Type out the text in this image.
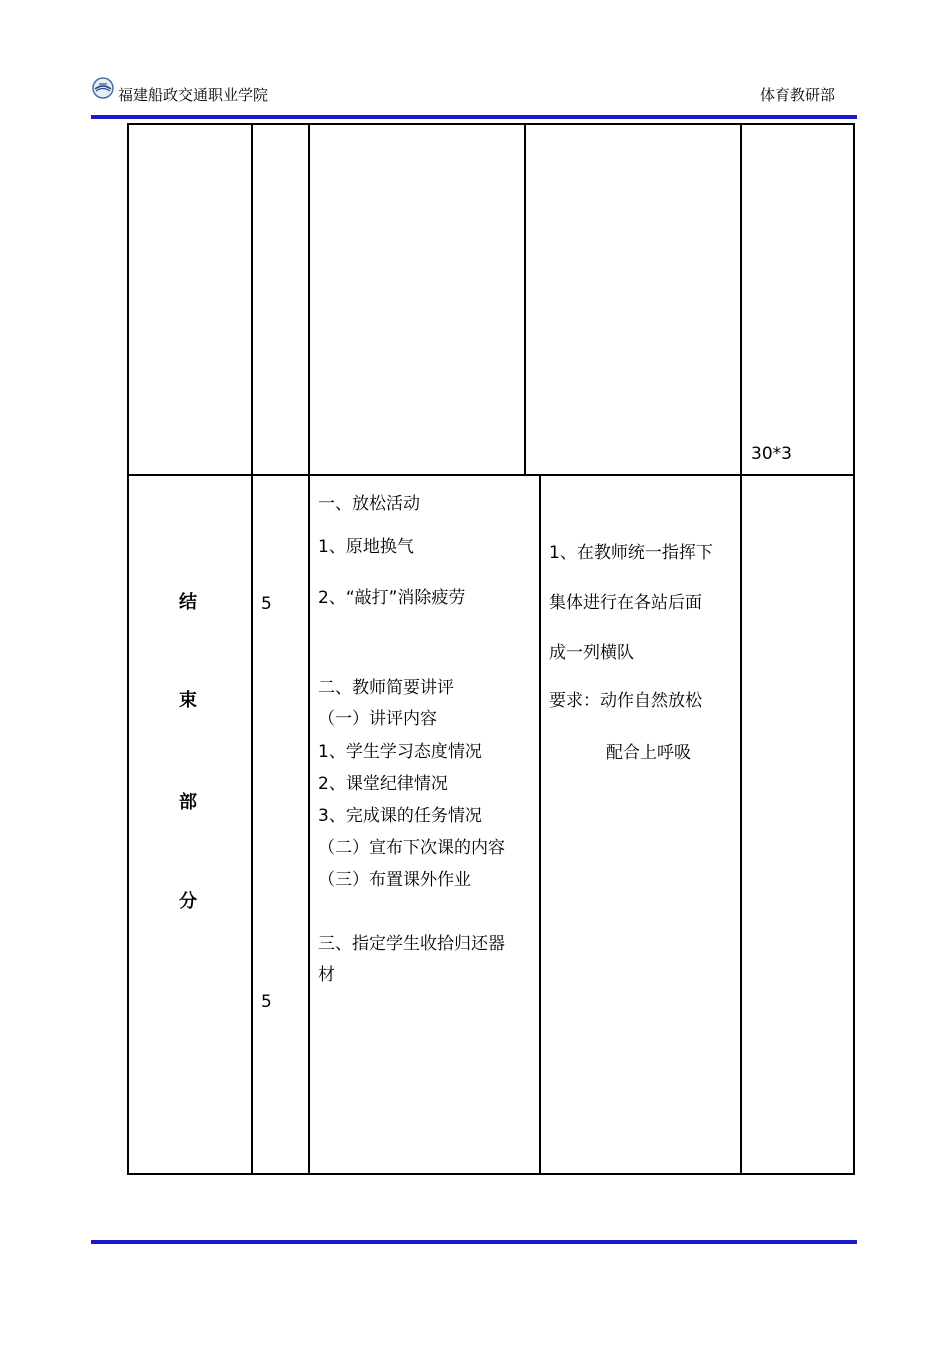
福建船政交通职业学院	体育教研部
30*3
结
束
部
分
5
5
一、放松活动
1、原地换气
2、“敲打”消除疲劳
二、教师简要讲评
（一）讲评内容
1、学生学习态度情况
2、课堂纪律情况
3、完成课的任务情况
（二）宣布下次课的内容
（三）布置课外作业
三、指定学生收拾归还器
材
1、在教师统一指挥下
集体进行在各站后面
成一列横队
要求：动作自然放松
配合上呼吸
